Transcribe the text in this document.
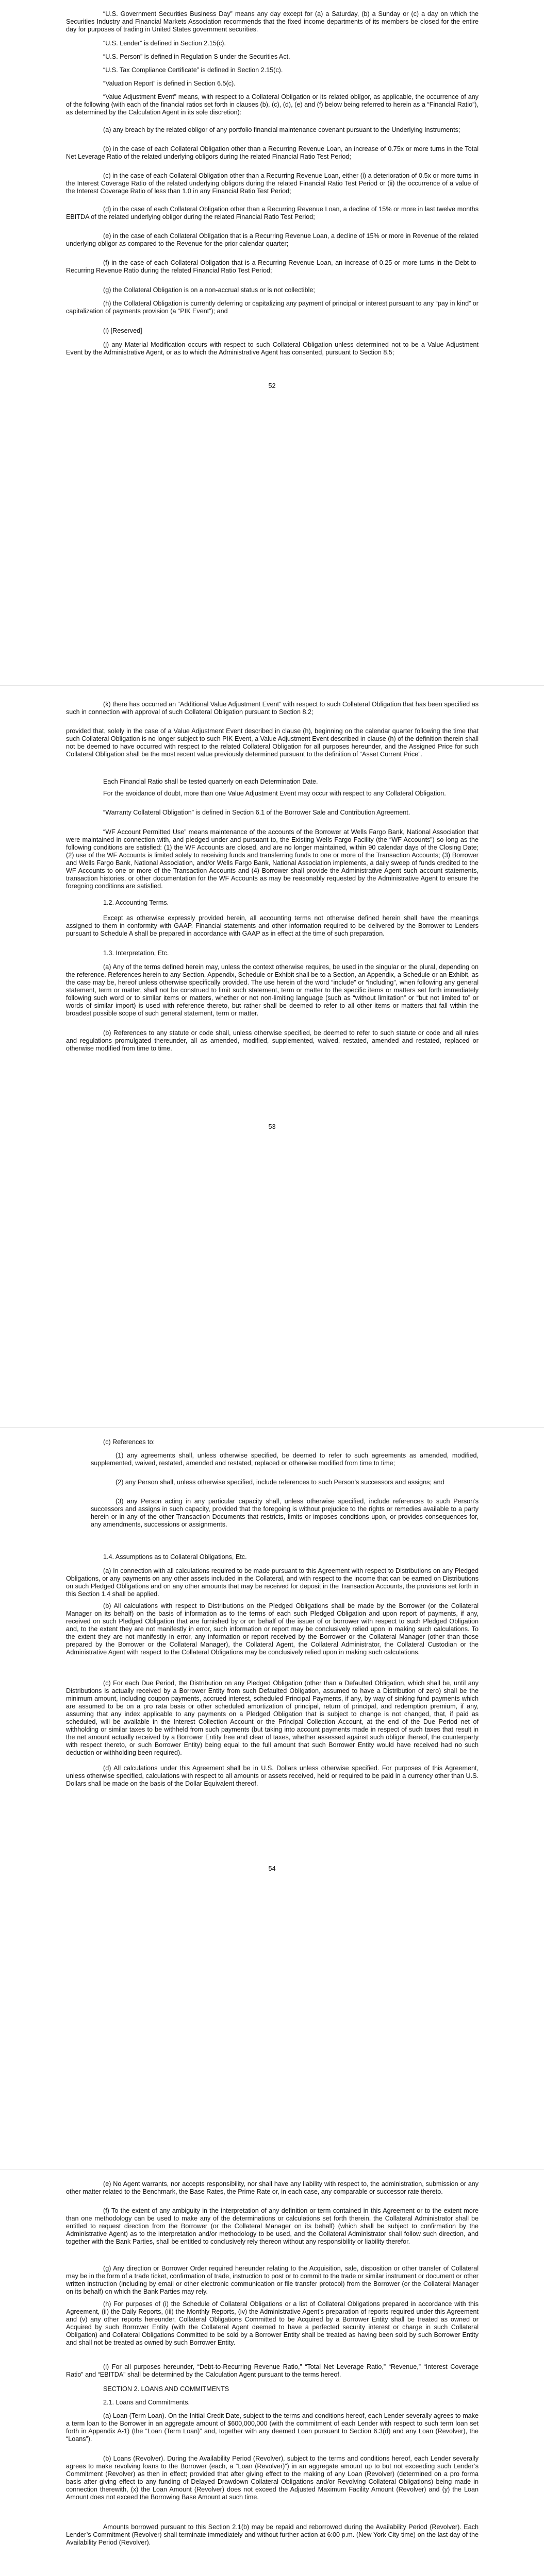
“U.S. Government Securities Business Day” means any day except for (a) a Saturday, (b) a Sunday or (c) a day on which the Securities Industry and Financial Markets Association recommends that the fixed income departments of its members be closed for the entire day for purposes of trading in United States government securities.

“U.S. Lender” is defined in Section 2.15(c).

“U.S. Person” is defined in Regulation S under the Securities Act.

“U.S. Tax Compliance Certificate” is defined in Section 2.15(c).

“Valuation Report” is defined in Section 6.5(c).

“Value Adjustment Event” means, with respect to a Collateral Obligation or its related obligor, as applicable, the occurrence of any of the following (with each of the financial ratios set forth in clauses (b), (c), (d), (e) and (f) below being referred to herein as a “Financial Ratio”), as determined by the Calculation Agent in its sole discretion):

(a) any breach by the related obligor of any portfolio financial maintenance covenant pursuant to the Underlying Instruments;

(b) in the case of each Collateral Obligation other than a Recurring Revenue Loan, an increase of 0.75x or more turns in the Total Net Leverage Ratio of the related underlying obligors during the related Financial Ratio Test Period;

(c) in the case of each Collateral Obligation other than a Recurring Revenue Loan, either (i) a deterioration of 0.5x or more turns in the Interest Coverage Ratio of the related underlying obligors during the related Financial Ratio Test Period or (ii) the occurrence of a value of the Interest Coverage Ratio of less than 1.0 in any Financial Ratio Test Period;

(d) in the case of each Collateral Obligation other than a Recurring Revenue Loan, a decline of 15% or more in last twelve months EBITDA of the related underlying obligor during the related Financial Ratio Test Period;

(e) in the case of each Collateral Obligation that is a Recurring Revenue Loan, a decline of 15% or more in Revenue of the related underlying obligor as compared to the Revenue for the prior calendar quarter;

(f) in the case of each Collateral Obligation that is a Recurring Revenue Loan, an increase of 0.25 or more turns in the Debt-to-Recurring Revenue Ratio during the related Financial Ratio Test Period;

(g) the Collateral Obligation is on a non-accrual status or is not collectible;

(h) the Collateral Obligation is currently deferring or capitalizing any payment of principal or interest pursuant to any “pay in kind” or capitalization of payments provision (a “PIK Event”); and

(i) [Reserved]

(j) any Material Modification occurs with respect to such Collateral Obligation unless determined not to be a Value Adjustment Event by the Administrative Agent, or as to which the Administrative Agent has consented, pursuant to Section 8.5;

52

(k) there has occurred an “Additional Value Adjustment Event” with respect to such Collateral Obligation that has been specified as such in connection with approval of such Collateral Obligation pursuant to Section 8.2;

provided that, solely in the case of a Value Adjustment Event described in clause (h), beginning on the calendar quarter following the time that such Collateral Obligation is no longer subject to such PIK Event, a Value Adjustment Event described in clause (h) of the definition therein shall not be deemed to have occurred with respect to the related Collateral Obligation for all purposes hereunder, and the Assigned Price for such Collateral Obligation shall be the most recent value previously determined pursuant to the definition of “Asset Current Price”.

Each Financial Ratio shall be tested quarterly on each Determination Date.

For the avoidance of doubt, more than one Value Adjustment Event may occur with respect to any Collateral Obligation.

“Warranty Collateral Obligation” is defined in Section 6.1 of the Borrower Sale and Contribution Agreement.

“WF Account Permitted Use” means maintenance of the accounts of the Borrower at Wells Fargo Bank, National Association that were maintained in connection with, and pledged under and pursuant to, the Existing Wells Fargo Facility (the “WF Accounts”) so long as the following conditions are satisfied: (1) the WF Accounts are closed, and are no longer maintained, within 90 calendar days of the Closing Date; (2) use of the WF Accounts is limited solely to receiving funds and transferring funds to one or more of the Transaction Accounts; (3) Borrower and Wells Fargo Bank, National Association, and/or Wells Fargo Bank, National Association implements, a daily sweep of funds credited to the WF Accounts to one or more of the Transaction Accounts and (4) Borrower shall provide the Administrative Agent such account statements, transaction histories, or other documentation for the WF Accounts as may be reasonably requested by the Administrative Agent to ensure the foregoing conditions are satisfied.

1.2. Accounting Terms.

Except as otherwise expressly provided herein, all accounting terms not otherwise defined herein shall have the meanings assigned to them in conformity with GAAP. Financial statements and other information required to be delivered by the Borrower to Lenders pursuant to Schedule A shall be prepared in accordance with GAAP as in effect at the time of such preparation.

1.3. Interpretation, Etc.

(a) Any of the terms defined herein may, unless the context otherwise requires, be used in the singular or the plural, depending on the reference. References herein to any Section, Appendix, Schedule or Exhibit shall be to a Section, an Appendix, a Schedule or an Exhibit, as the case may be, hereof unless otherwise specifically provided. The use herein of the word “include” or “including”, when following any general statement, term or matter, shall not be construed to limit such statement, term or matter to the specific items or matters set forth immediately following such word or to similar items or matters, whether or not non-limiting language (such as “without limitation” or “but not limited to” or words of similar import) is used with reference thereto, but rather shall be deemed to refer to all other items or matters that fall within the broadest possible scope of such general statement, term or matter.

(b) References to any statute or code shall, unless otherwise specified, be deemed to refer to such statute or code and all rules and regulations promulgated thereunder, all as amended, modified, supplemented, waived, restated, amended and restated, replaced or otherwise modified from time to time.

53

(c) References to:

(1) any agreements shall, unless otherwise specified, be deemed to refer to such agreements as amended, modified, supplemented, waived, restated, amended and restated, replaced or otherwise modified from time to time;

(2) any Person shall, unless otherwise specified, include references to such Person’s successors and assigns; and

(3) any Person acting in any particular capacity shall, unless otherwise specified, include references to such Person’s successors and assigns in such capacity, provided that the foregoing is without prejudice to the rights or remedies available to a party herein or in any of the other Transaction Documents that restricts, limits or imposes conditions upon, or provides consequences for, any amendments, successions or assignments.

1.4. Assumptions as to Collateral Obligations, Etc.

(a) In connection with all calculations required to be made pursuant to this Agreement with respect to Distributions on any Pledged Obligations, or any payments on any other assets included in the Collateral, and with respect to the income that can be earned on Distributions on such Pledged Obligations and on any other amounts that may be received for deposit in the Transaction Accounts, the provisions set forth in this Section 1.4 shall be applied.

(b) All calculations with respect to Distributions on the Pledged Obligations shall be made by the Borrower (or the Collateral Manager on its behalf) on the basis of information as to the terms of each such Pledged Obligation and upon report of payments, if any, received on such Pledged Obligation that are furnished by or on behalf of the issuer of or borrower with respect to such Pledged Obligation and, to the extent they are not manifestly in error, such information or report may be conclusively relied upon in making such calculations. To the extent they are not manifestly in error, any information or report received by the Borrower or the Collateral Manager (other than those prepared by the Borrower or the Collateral Manager), the Collateral Agent, the Collateral Administrator, the Collateral Custodian or the Administrative Agent with respect to the Collateral Obligations may be conclusively relied upon in making such calculations.

(c) For each Due Period, the Distribution on any Pledged Obligation (other than a Defaulted Obligation, which shall be, until any Distributions is actually received by a Borrower Entity from such Defaulted Obligation, assumed to have a Distribution of zero) shall be the minimum amount, including coupon payments, accrued interest, scheduled Principal Payments, if any, by way of sinking fund payments which are assumed to be on a pro rata basis or other scheduled amortization of principal, return of principal, and redemption premium, if any, assuming that any index applicable to any payments on a Pledged Obligation that is subject to change is not changed, that, if paid as scheduled, will be available in the Interest Collection Account or the Principal Collection Account, at the end of the Due Period net of withholding or similar taxes to be withheld from such payments (but taking into account payments made in respect of such taxes that result in the net amount actually received by a Borrower Entity free and clear of taxes, whether assessed against such obligor thereof, the counterparty with respect thereto, or such Borrower Entity) being equal to the full amount that such Borrower Entity would have received had no such deduction or withholding been required).

(d) All calculations under this Agreement shall be in U.S. Dollars unless otherwise specified. For purposes of this Agreement, unless otherwise specified, calculations with respect to all amounts or assets received, held or required to be paid in a currency other than U.S. Dollars shall be made on the basis of the Dollar Equivalent thereof.

54

(e) No Agent warrants, nor accepts responsibility, nor shall have any liability with respect to, the administration, submission or any other matter related to the Benchmark, the Base Rates, the Prime Rate or, in each case, any comparable or successor rate thereto.

(f) To the extent of any ambiguity in the interpretation of any definition or term contained in this Agreement or to the extent more than one methodology can be used to make any of the determinations or calculations set forth therein, the Collateral Administrator shall be entitled to request direction from the Borrower (or the Collateral Manager on its behalf) (which shall be subject to confirmation by the Administrative Agent) as to the interpretation and/or methodology to be used, and the Collateral Administrator shall follow such direction, and together with the Bank Parties, shall be entitled to conclusively rely thereon without any responsibility or liability therefor.

(g) Any direction or Borrower Order required hereunder relating to the Acquisition, sale, disposition or other transfer of Collateral may be in the form of a trade ticket, confirmation of trade, instruction to post or to commit to the trade or similar instrument or document or other written instruction (including by email or other electronic communication or file transfer protocol) from the Borrower (or the Collateral Manager on its behalf) on which the Bank Parties may rely.

(h) For purposes of (i) the Schedule of Collateral Obligations or a list of Collateral Obligations prepared in accordance with this Agreement, (ii) the Daily Reports, (iii) the Monthly Reports, (iv) the Administrative Agent’s preparation of reports required under this Agreement and (v) any other reports hereunder, Collateral Obligations Committed to be Acquired by a Borrower Entity shall be treated as owned or Acquired by such Borrower Entity (with the Collateral Agent deemed to have a perfected security interest or charge in such Collateral Obligation) and Collateral Obligations Committed to be sold by a Borrower Entity shall be treated as having been sold by such Borrower Entity and shall not be treated as owned by such Borrower Entity.

(i) For all purposes hereunder, “Debt-to-Recurring Revenue Ratio,” “Total Net Leverage Ratio,” “Revenue,” “Interest Coverage Ratio” and “EBITDA” shall be determined by the Calculation Agent pursuant to the terms hereof.

SECTION 2. LOANS AND COMMITMENTS

2.1. Loans and Commitments.

(a) Loan (Term Loan). On the Initial Credit Date, subject to the terms and conditions hereof, each Lender severally agrees to make a term loan to the Borrower in an aggregate amount of $600,000,000 (with the commitment of each Lender with respect to such term loan set forth in Appendix A-1) (the “Loan (Term Loan)” and, together with any deemed Loan pursuant to Section 6.3(d) and any Loan (Revolver), the “Loans”).

(b) Loans (Revolver). During the Availability Period (Revolver), subject to the terms and conditions hereof, each Lender severally agrees to make revolving loans to the Borrower (each, a “Loan (Revolver)”) in an aggregate amount up to but not exceeding such Lender’s Commitment (Revolver) as then in effect; provided that after giving effect to the making of any Loan (Revolver) (determined on a pro forma basis after giving effect to any funding of Delayed Drawdown Collateral Obligations and/or Revolving Collateral Obligations) being made in connection therewith, (x) the Loan Amount (Revolver) does not exceed the Adjusted Maximum Facility Amount (Revolver) and (y) the Loan Amount does not exceed the Borrowing Base Amount at such time.

Amounts borrowed pursuant to this Section 2.1(b) may be repaid and reborrowed during the Availability Period (Revolver). Each Lender’s Commitment (Revolver) shall terminate immediately and without further action at 6:00 p.m. (New York City time) on the last day of the Availability Period (Revolver).
